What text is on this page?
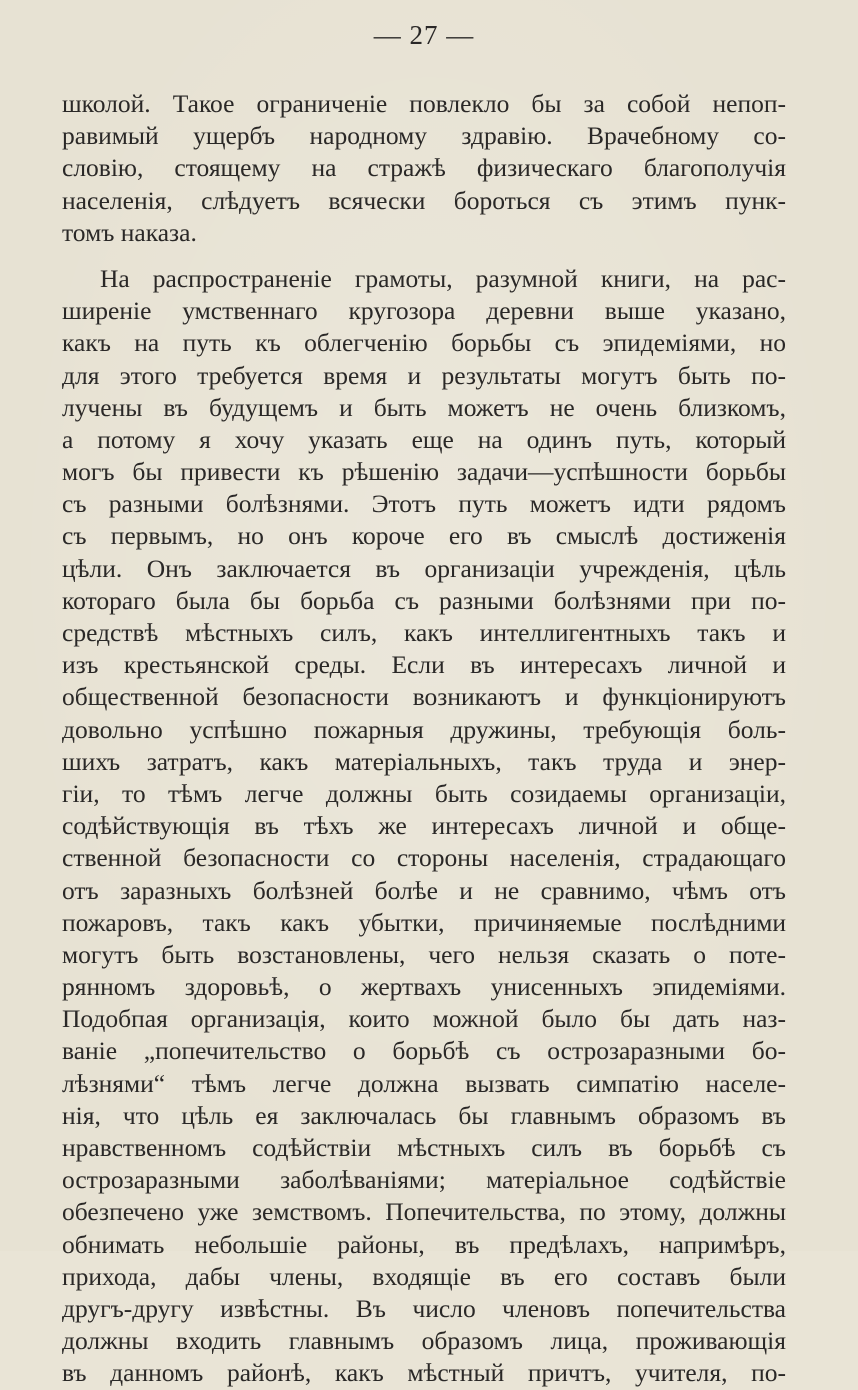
— 27 —
школой. Такое ограниченіе повлекло бы за собой непоп-
равимый ущербъ народному здравію. Врачебному со-
словію, стоящему на стражѣ физическаго благополучія
населенія, слѣдуетъ всячески бороться съ этимъ пунк-
томъ наказа.
На распространеніе грамоты, разумной книги, на рас-
ширеніе умственнаго кругозора деревни выше указано,
какъ на путь къ облегченію борьбы съ эпидеміями, но
для этого требуется время и результаты могутъ быть по-
лучены въ будущемъ и быть можетъ не очень близкомъ,
а потому я хочу указать еще на одинъ путь, который
могъ бы привести къ рѣшенію задачи—успѣшности борьбы
съ разными болѣзнями. Этотъ путь можетъ идти рядомъ
съ первымъ, но онъ короче его въ смыслѣ достиженія
цѣли. Онъ заключается въ организаціи учрежденія, цѣль
котораго была бы борьба съ разными болѣзнями при по-
средствѣ мѣстныхъ силъ, какъ интеллигентныхъ такъ и
изъ крестьянской среды. Если въ интересахъ личной и
общественной безопасности возникаютъ и функціонируютъ
довольно успѣшно пожарныя дружины, требующія боль-
шихъ затратъ, какъ матеріальныхъ, такъ труда и энер-
гіи, то тѣмъ легче должны быть созидаемы организаціи,
содѣйствующія въ тѣхъ же интересахъ личной и обще-
ственной безопасности со стороны населенія, страдающаго
отъ заразныхъ болѣзней болѣе и не сравнимо, чѣмъ отъ
пожаровъ, такъ какъ убытки, причиняемые послѣдними
могутъ быть возстановлены, чего нельзя сказать о поте-
рянномъ здоровьѣ, о жертвахъ унисенныхъ эпидеміями.
Подобпая организація, които можной было бы дать наз-
ваніе „попечительство о борьбѣ съ острозаразными бо-
лѣзнями“ тѣмъ легче должна вызвать симпатію населе-
нія, что цѣль ея заключалась бы главнымъ образомъ въ
нравственномъ содѣйствіи мѣстныхъ силъ въ борьбѣ съ
острозаразными заболѣваніями; матеріальное содѣйствіе
обезпечено уже земствомъ. Попечительства, по этому, должны
обнимать небольшіе районы, въ предѣлахъ, напримѣръ,
прихода, дабы члены, входящіе въ его составъ были
другъ-другу извѣстны. Въ число членовъ попечительства
должны входить главнымъ образомъ лица, проживающія
въ данномъ районѣ, какъ мѣстный причтъ, учителя, по-
